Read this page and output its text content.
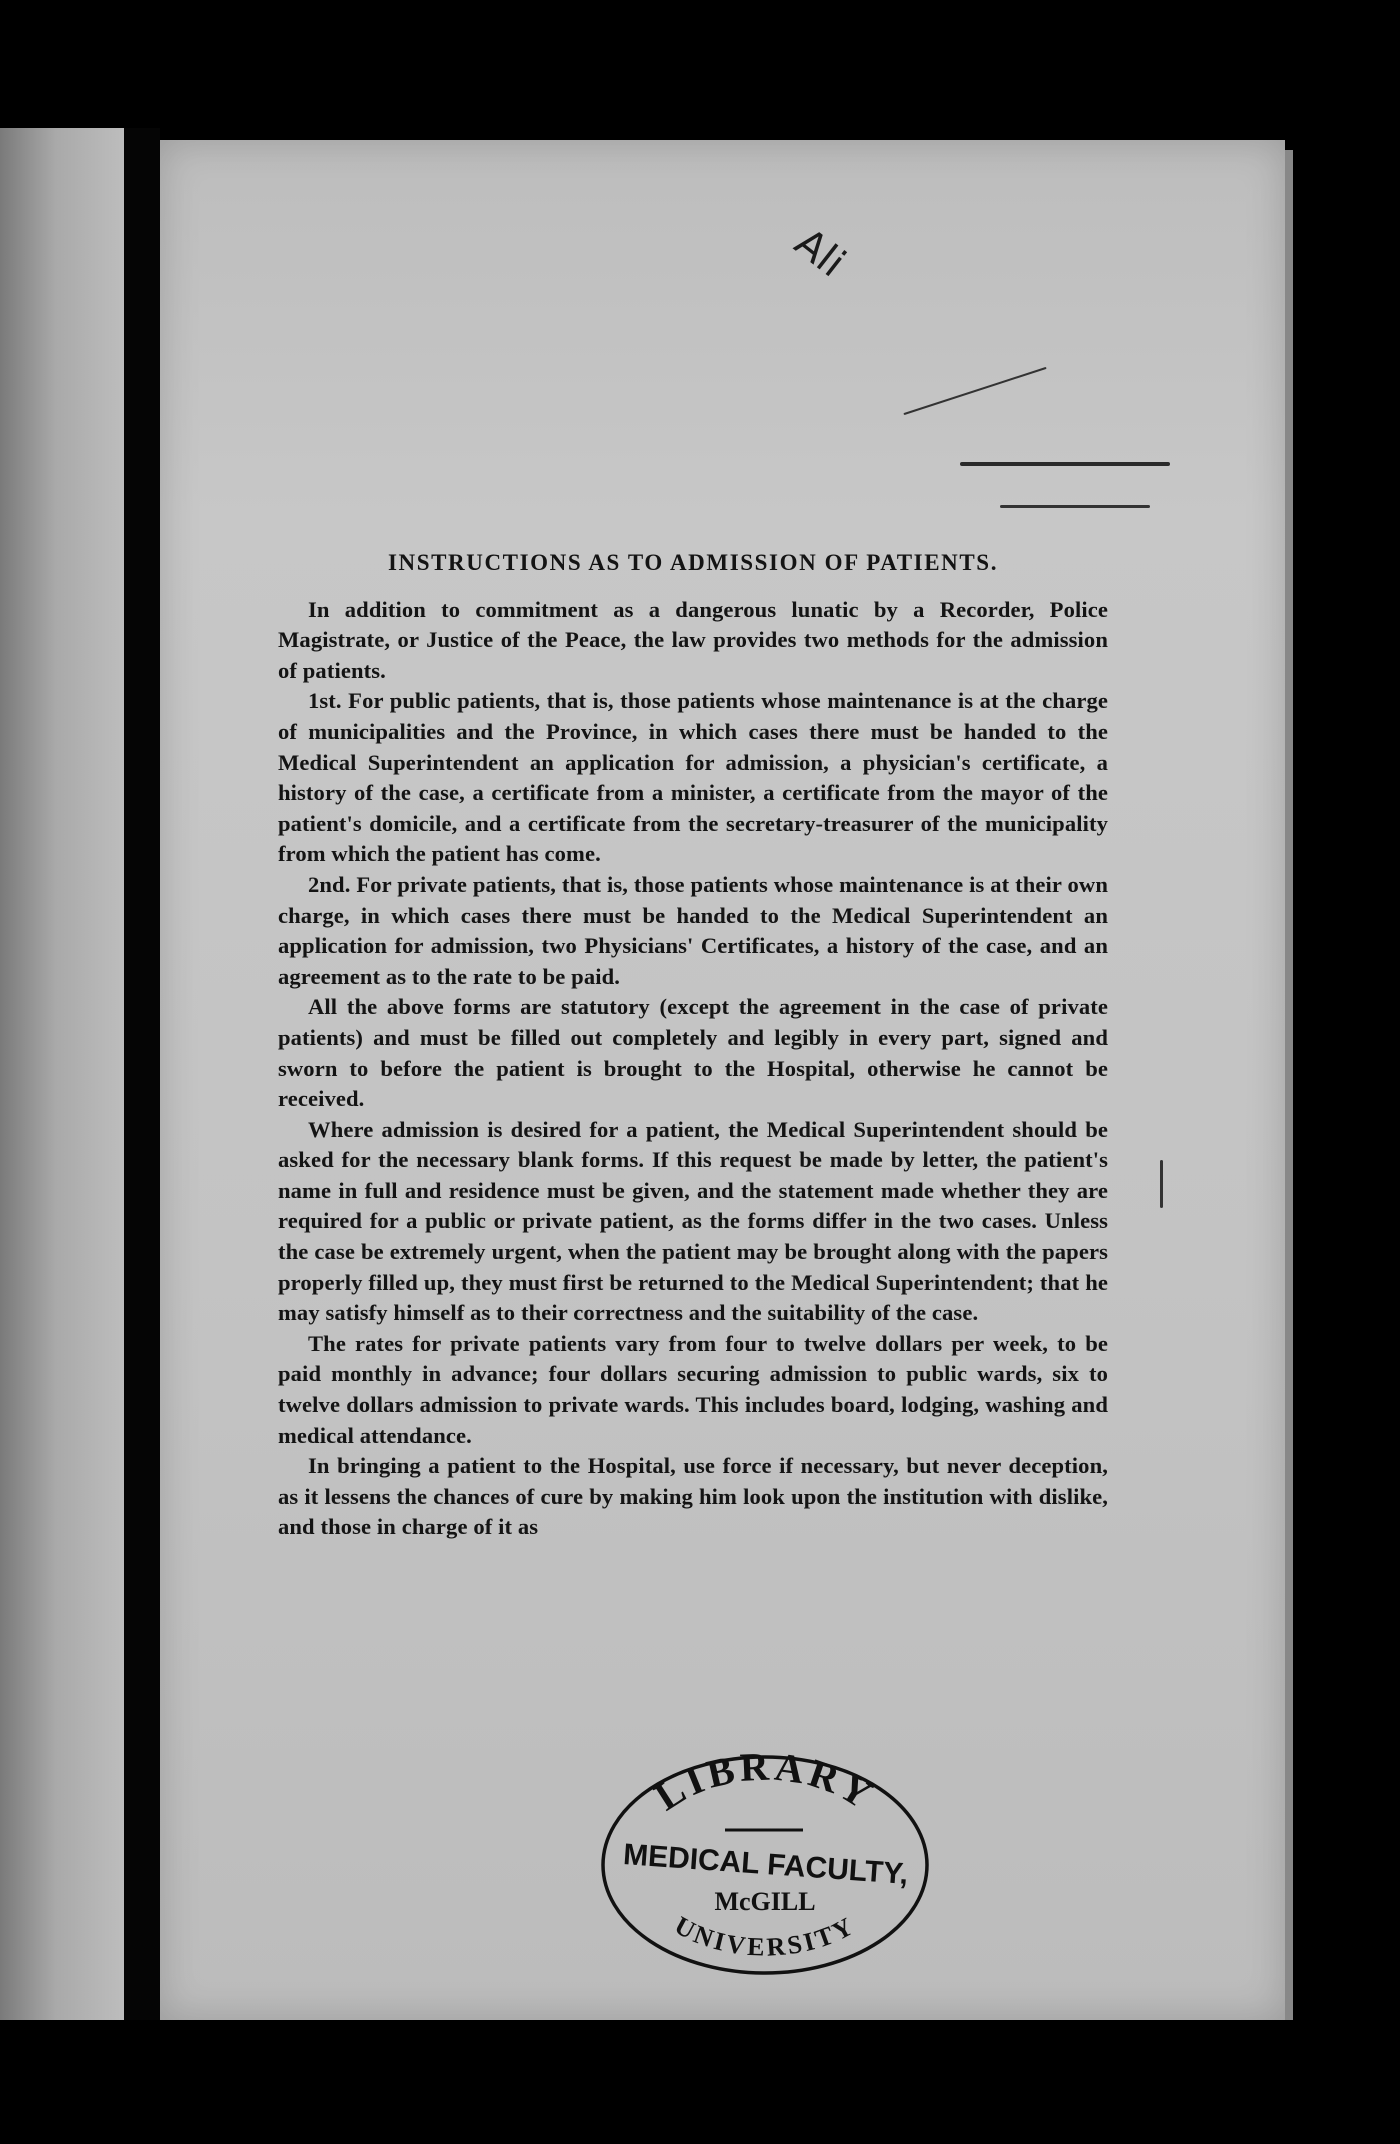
Ali
INSTRUCTIONS AS TO ADMISSION OF PATIENTS.

In addition to commitment as a dangerous lunatic by a Recorder, Police Magistrate, or Justice of the Peace, the law provides two methods for the admission of patients.

1st. For public patients, that is, those patients whose maintenance is at the charge of municipalities and the Province, in which cases there must be handed to the Medical Superintendent an application for admission, a physician's certificate, a history of the case, a certificate from a minister, a certificate from the mayor of the patient's domicile, and a certificate from the secretary-treasurer of the municipality from which the patient has come.

2nd. For private patients, that is, those patients whose maintenance is at their own charge, in which cases there must be handed to the Medical Superintendent an application for admission, two Physicians' Certificates, a history of the case, and an agreement as to the rate to be paid.

All the above forms are statutory (except the agreement in the case of private patients) and must be filled out completely and legibly in every part, signed and sworn to before the patient is brought to the Hospital, otherwise he cannot be received.

Where admission is desired for a patient, the Medical Superintendent should be asked for the necessary blank forms. If this request be made by letter, the patient's name in full and residence must be given, and the statement made whether they are required for a public or private patient, as the forms differ in the two cases. Unless the case be extremely urgent, when the patient may be brought along with the papers properly filled up, they must first be returned to the Medical Superintendent; that he may satisfy himself as to their correctness and the suitability of the case.

The rates for private patients vary from four to twelve dollars per week, to be paid monthly in advance; four dollars securing admission to public wards, six to twelve dollars admission to private wards. This includes board, lodging, washing and medical attendance.

In bringing a patient to the Hospital, use force if necessary, but never deception, as it lessens the chances of cure by making him look upon the institution with dislike, and those in charge of it as

LIBRARY
MEDICAL FACULTY,
McGILL
UNIVERSITY
